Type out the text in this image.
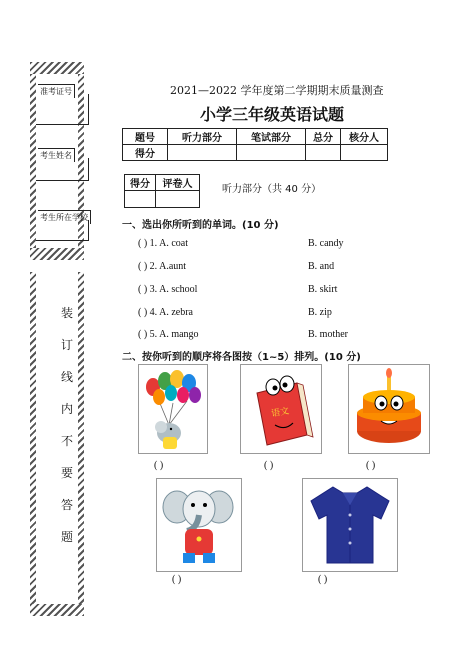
准考证号
考生姓名
考生所在学校
装
订
线
内
不
要
答
题
2021—2022 学年度第二学期期末质量测查
小学三年级英语试题
题号	听力部分	笔试部分	总分	核分人
得分				
得分	评卷人
		听力部分（共 40 分）
一、选出你所听到的单词。(10 分)
( ) 1. A. coat	B. candy
( ) 2. A.aunt	B. and
( ) 3. A. school	B. skirt
( ) 4. A. zebra	B. zip
( ) 5. A. mango	B. mother
二、按你听到的顺序将各图按（1~5）排列。(10 分)
( )
语文
( )	( )
( )	( )
